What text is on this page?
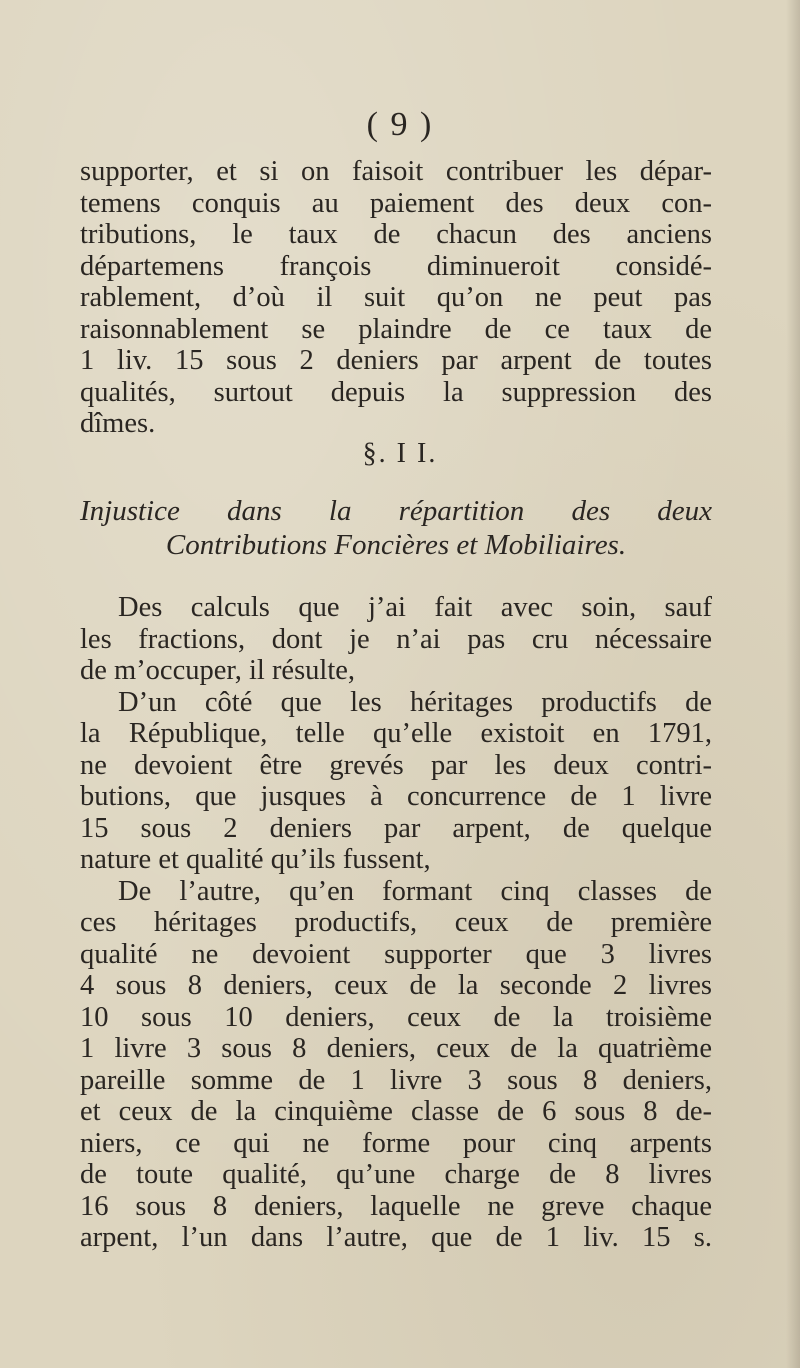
( 9 )
supporter, et si on faisoit contribuer les dépar-
temens conquis au paiement des deux con-
tributions, le taux de chacun des anciens
départemens françois diminueroit considé-
rablement, d’où il suit qu’on ne peut pas
raisonnablement se plaindre de ce taux de
1 liv. 15 sous 2 deniers par arpent de toutes
qualités, surtout depuis la suppression des
dîmes.
§. I I.
Injustice dans la répartition des deux
Contributions Foncières et Mobiliaires.
Des calculs que j’ai fait avec soin, sauf
les fractions, dont je n’ai pas cru nécessaire
de m’occuper, il résulte,
D’un côté que les héritages productifs de
la République, telle qu’elle existoit en 1791,
ne devoient être grevés par les deux contri-
butions, que jusques à concurrence de 1 livre
15 sous 2 deniers par arpent, de quelque
nature et qualité qu’ils fussent,
De l’autre, qu’en formant cinq classes de
ces héritages productifs, ceux de première
qualité ne devoient supporter que 3 livres
4 sous 8 deniers, ceux de la seconde 2 livres
10 sous 10 deniers, ceux de la troisième
1 livre 3 sous 8 deniers, ceux de la quatrième
pareille somme de 1 livre 3 sous 8 deniers,
et ceux de la cinquième classe de 6 sous 8 de-
niers, ce qui ne forme pour cinq arpents
de toute qualité, qu’une charge de 8 livres
16 sous 8 deniers, laquelle ne greve chaque
arpent, l’un dans l’autre, que de 1 liv. 15 s.
